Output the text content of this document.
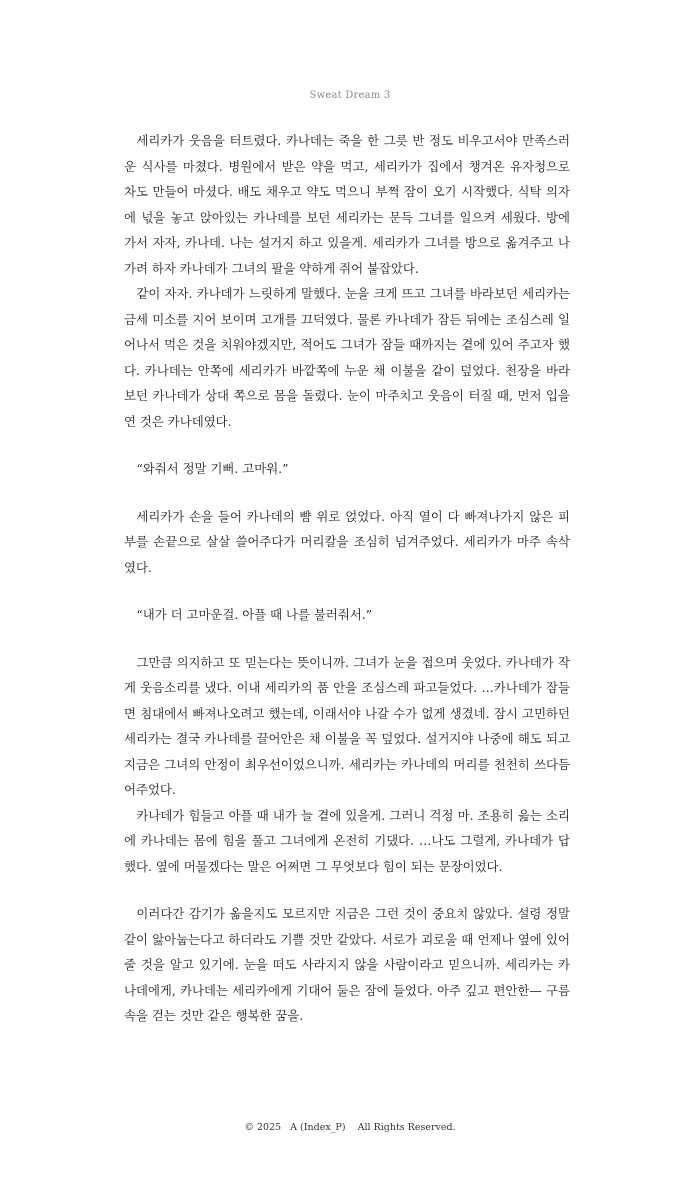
Sweat Dream 3

세리카가 웃음을 터트렸다. 카나데는 죽을 한 그릇 반 정도 비우고서야 만족스러운 식사를 마쳤다. 병원에서 받은 약을 먹고, 세리카가 집에서 챙겨온 유자청으로 차도 만들어 마셨다. 배도 채우고 약도 먹으니 부쩍 잠이 오기 시작했다. 식탁 의자에 넋을 놓고 앉아있는 카나데를 보던 세리카는 문득 그녀를 일으켜 세웠다. 방에 가서 자자, 카나데. 나는 설거지 하고 있을게. 세리카가 그녀를 방으로 옮겨주고 나가려 하자 카나데가 그녀의 팔을 약하게 쥐어 붙잡았다.

같이 자자. 카나데가 느릿하게 말했다. 눈을 크게 뜨고 그녀를 바라보던 세리카는 금세 미소를 지어 보이며 고개를 끄덕였다. 물론 카나데가 잠든 뒤에는 조심스레 일어나서 먹은 것을 치워야겠지만, 적어도 그녀가 잠들 때까지는 곁에 있어 주고자 했다. 카나데는 안쪽에 세리카가 바깥쪽에 누운 채 이불을 같이 덮었다. 천장을 바라보던 카나데가 상대 쪽으로 몸을 돌렸다. 눈이 마주치고 웃음이 터질 때, 먼저 입을 연 것은 카나데였다.

“와줘서 정말 기뻐. 고마워.”

세리카가 손을 들어 카나데의 뺨 위로 얹었다. 아직 열이 다 빠져나가지 않은 피부를 손끝으로 살살 쓸어주다가 머리칼을 조심히 넘겨주었다. 세리카가 마주 속삭였다.

“내가 더 고마운걸. 아플 때 나를 불러줘서.”

그만큼 의지하고 또 믿는다는 뜻이니까. 그녀가 눈을 접으며 웃었다. 카나데가 작게 웃음소리를 냈다. 이내 세리카의 품 안을 조심스레 파고들었다. …카나데가 잠들면 침대에서 빠져나오려고 했는데, 이래서야 나갈 수가 없게 생겼네. 잠시 고민하던 세리카는 결국 카나데를 끌어안은 채 이불을 꼭 덮었다. 설거지야 나중에 해도 되고 지금은 그녀의 안정이 최우선이었으니까. 세리카는 카나데의 머리를 천천히 쓰다듬어주었다.

카나데가 힘들고 아플 때 내가 늘 곁에 있을게. 그러니 걱정 마. 조용히 읊는 소리에 카나데는 몸에 힘을 풀고 그녀에게 온전히 기댔다. …나도 그럴게, 카나데가 답했다. 옆에 머물겠다는 말은 어쩌면 그 무엇보다 힘이 되는 문장이었다.

이러다간 감기가 옮을지도 모르지만 지금은 그런 것이 중요치 않았다. 설령 정말 같이 앓아눕는다고 하더라도 기쁠 것만 같았다. 서로가 괴로울 때 언제나 옆에 있어 줄 것을 알고 있기에. 눈을 떠도 사라지지 않을 사람이라고 믿으니까. 세리카는 카나데에게, 카나데는 세리카에게 기대어 둘은 잠에 들었다. 아주 깊고 편안한— 구름 속을 걷는 것만 같은 행복한 꿈을.

© 2025   A (Index_P)    All Rights Reserved.
